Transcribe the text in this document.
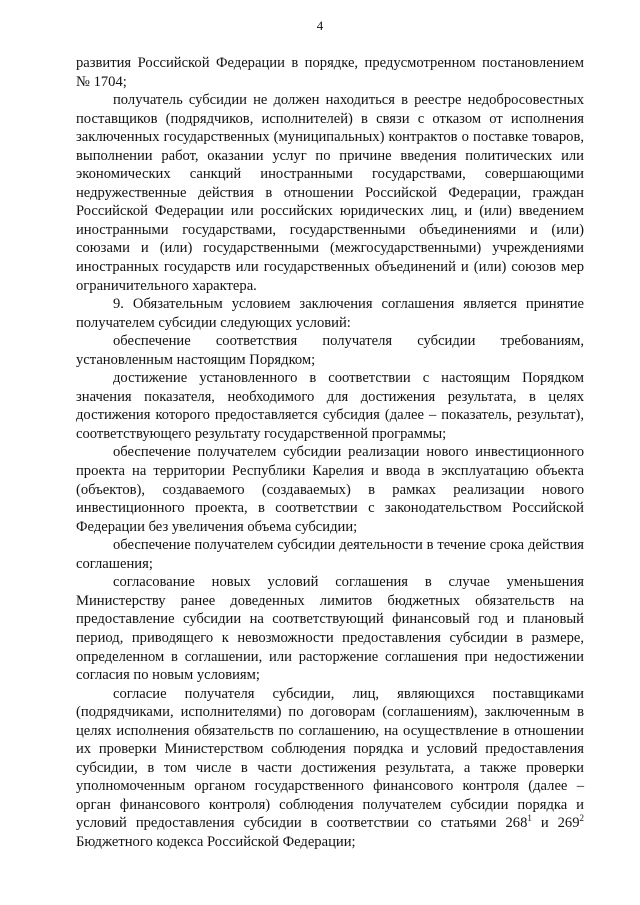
4

развития Российской Федерации в порядке, предусмотренном постановлением № 1704;

получатель субсидии не должен находиться в реестре недобросовестных поставщиков (подрядчиков, исполнителей) в связи с отказом от исполнения заключенных государственных (муниципальных) контрактов о поставке товаров, выполнении работ, оказании услуг по причине введения политических или экономических санкций иностранными государствами, совершающими недружественные действия в отношении Российской Федерации, граждан Российской Федерации или российских юридических лиц, и (или) введением иностранными государствами, государственными объединениями и (или) союзами и (или) государственными (межгосударственными) учреждениями иностранных государств или государственных объединений и (или) союзов мер ограничительного характера.

9. Обязательным условием заключения соглашения является принятие получателем субсидии следующих условий:

обеспечение соответствия получателя субсидии требованиям, установленным настоящим Порядком;

достижение установленного в соответствии с настоящим Порядком значения показателя, необходимого для достижения результата, в целях достижения которого предоставляется субсидия (далее – показатель, результат), соответствующего результату государственной программы;

обеспечение получателем субсидии реализации нового инвестиционного проекта на территории Республики Карелия и ввода в эксплуатацию объекта (объектов), создаваемого (создаваемых) в рамках реализации нового инвестиционного проекта, в соответствии с законодательством Российской Федерации без увеличения объема субсидии;

обеспечение получателем субсидии деятельности в течение срока действия соглашения;

согласование новых условий соглашения в случае уменьшения Министерству ранее доведенных лимитов бюджетных обязательств на предоставление субсидии на соответствующий финансовый год и плановый период, приводящего к невозможности предоставления субсидии в размере, определенном в соглашении, или расторжение соглашения при недостижении согласия по новым условиям;

согласие получателя субсидии, лиц, являющихся поставщиками (подрядчиками, исполнителями) по договорам (соглашениям), заключенным в целях исполнения обязательств по соглашению, на осуществление в отношении их проверки Министерством соблюдения порядка и условий предоставления субсидии, в том числе в части достижения результата, а также проверки уполномоченным органом государственного финансового контроля (далее – орган финансового контроля) соблюдения получателем субсидии порядка и условий предоставления субсидии в соответствии со статьями $268^1$ и $269^2$ Бюджетного кодекса Российской Федерации;
